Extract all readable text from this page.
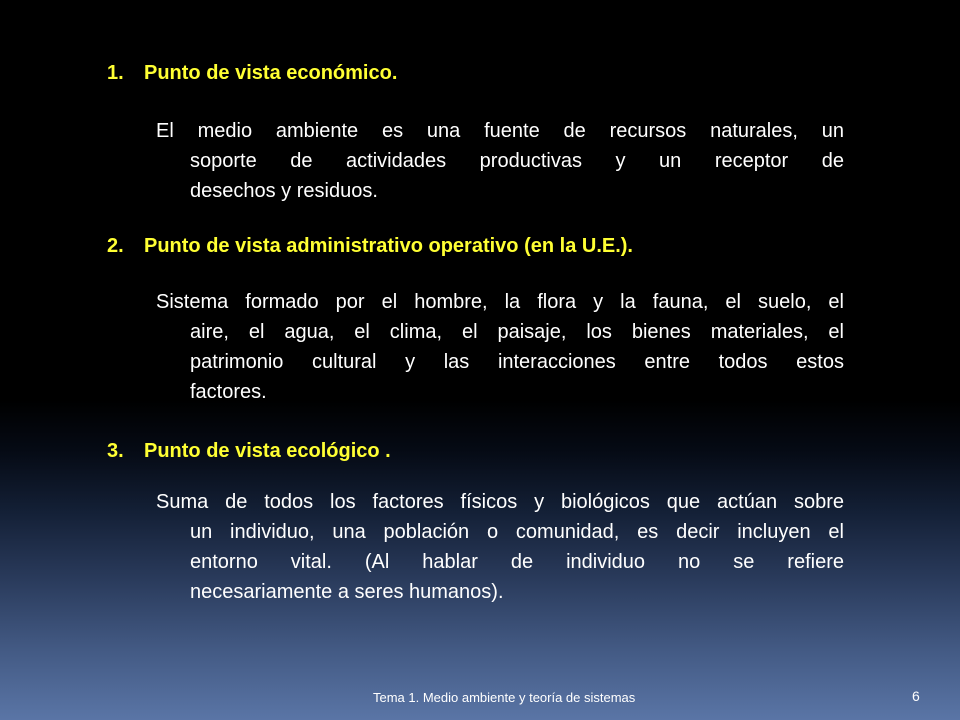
1. Punto de vista económico.
El medio ambiente es una fuente de recursos naturales, un
soporte de actividades productivas y un receptor de
desechos y residuos.
2. Punto de vista administrativo operativo (en la U.E.).
Sistema formado por el hombre, la flora y la fauna, el suelo, el
aire, el agua, el clima, el paisaje, los bienes materiales, el
patrimonio cultural y las interacciones entre todos estos
factores.
3. Punto de vista ecológico .
Suma de todos los factores físicos y biológicos que actúan sobre
un individuo, una población o comunidad, es decir incluyen el
entorno vital. (Al hablar de individuo no se refiere
necesariamente a seres humanos).
Tema 1. Medio ambiente y teoría de sistemas	6
